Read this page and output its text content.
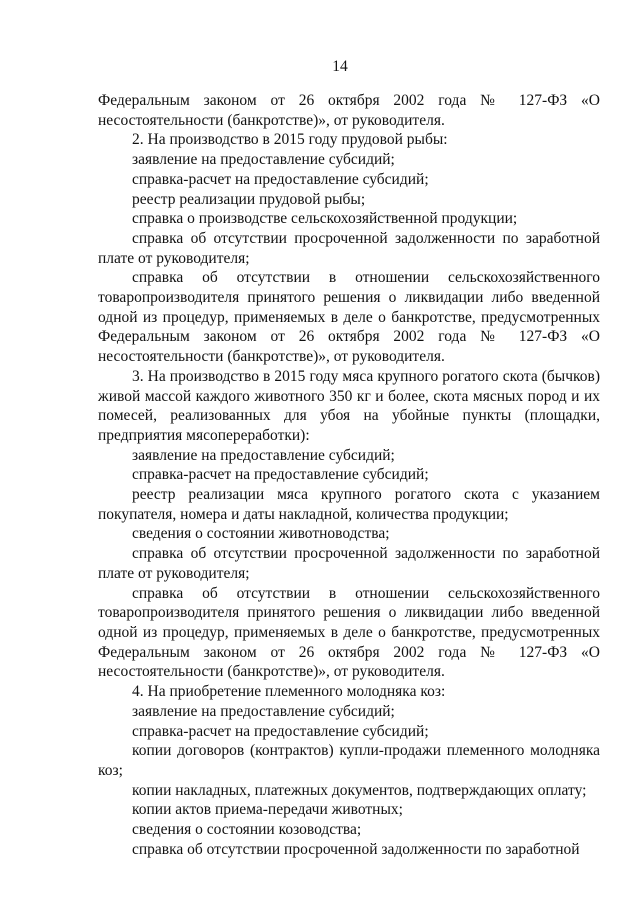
14

Федеральным законом от 26 октября 2002 года № 127-ФЗ «О несостоятельности (банкротстве)», от руководителя.

2. На производство в 2015 году прудовой рыбы:

заявление на предоставление субсидий;

справка-расчет на предоставление субсидий;

реестр реализации прудовой рыбы;

справка о производстве сельскохозяйственной продукции;

справка об отсутствии просроченной задолженности по заработной плате от руководителя;

справка об отсутствии в отношении сельскохозяйственного товаропроизводителя принятого решения о ликвидации либо введенной одной из процедур, применяемых в деле о банкротстве, предусмотренных Федеральным законом от 26 октября 2002 года № 127-ФЗ «О несостоятельности (банкротстве)», от руководителя.

3. На производство в 2015 году мяса крупного рогатого скота (бычков) живой массой каждого животного 350 кг и более, скота мясных пород и их помесей, реализованных для убоя на убойные пункты (площадки, предприятия мясопереработки):

заявление на предоставление субсидий;

справка-расчет на предоставление субсидий;

реестр реализации мяса крупного рогатого скота с указанием покупателя, номера и даты накладной, количества продукции;

сведения о состоянии животноводства;

справка об отсутствии просроченной задолженности по заработной плате от руководителя;

справка об отсутствии в отношении сельскохозяйственного товаропроизводителя принятого решения о ликвидации либо введенной одной из процедур, применяемых в деле о банкротстве, предусмотренных Федеральным законом от 26 октября 2002 года № 127-ФЗ «О несостоятельности (банкротстве)», от руководителя.

4. На приобретение племенного молодняка коз:

заявление на предоставление субсидий;

справка-расчет на предоставление субсидий;

копии договоров (контрактов) купли-продажи племенного молодняка коз;

копии накладных, платежных документов, подтверждающих оплату;

копии актов приема-передачи животных;

сведения о состоянии козоводства;

справка об отсутствии просроченной задолженности по заработной
